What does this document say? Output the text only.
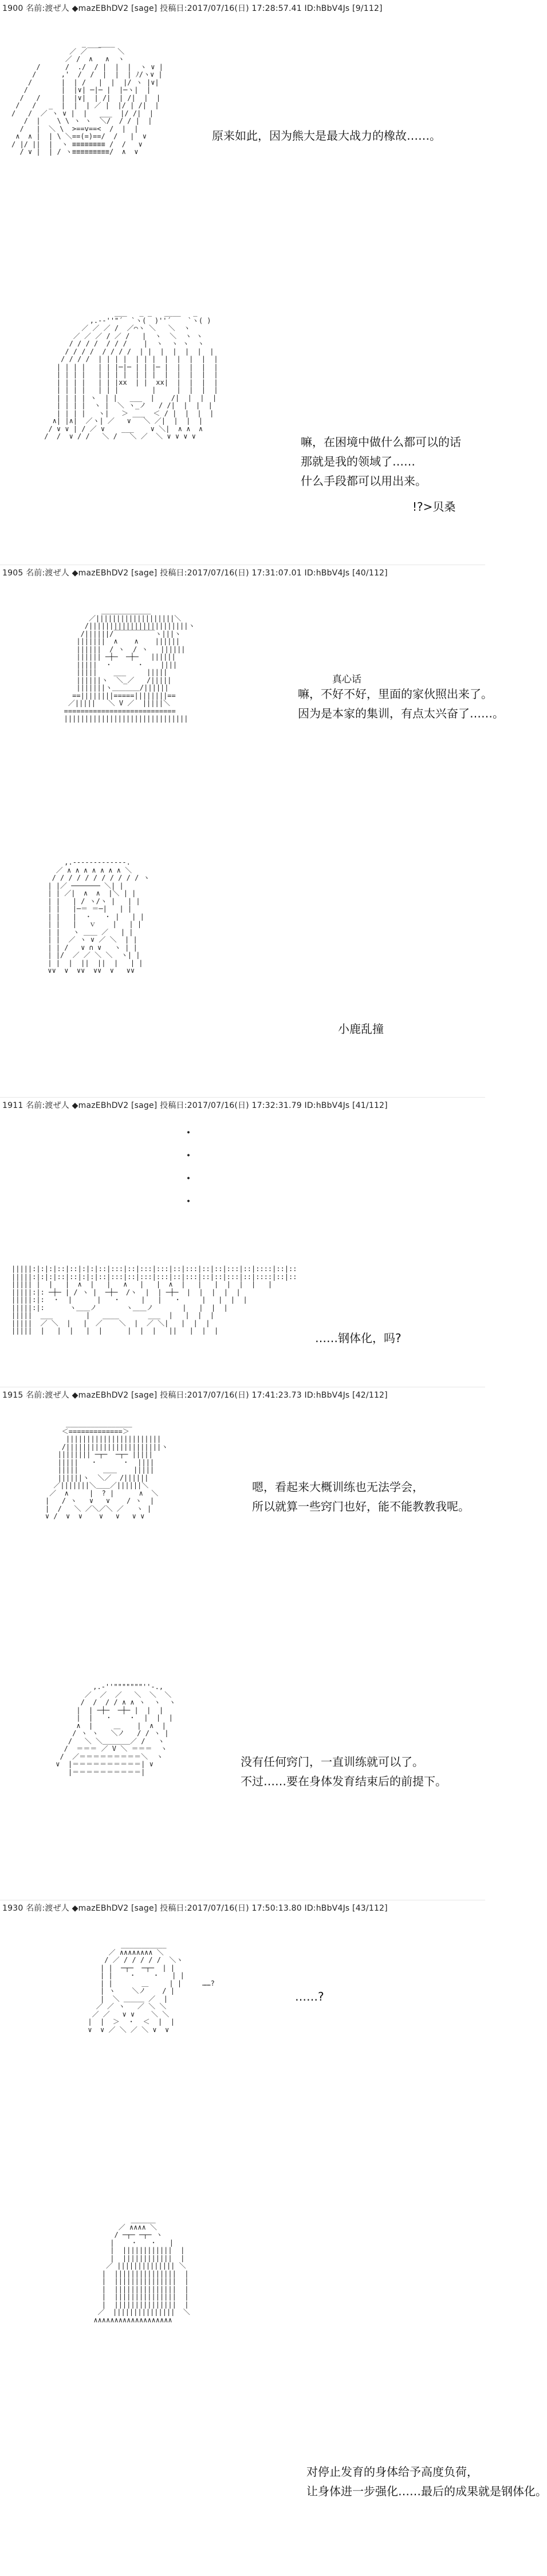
1900 名前:渡ぜ人 ◆mazEBhDV2 [sage] 投稿日:2017/07/16(日) 17:28:57.41 ID:hBbV4Js [9/112]
_   ____
／ ／￣￣    ＼
／ /  ∧   ∧  ヽ
/      /  ./  / |  |  |  ヽ ∨ |
/      ,'  /  /  |  |  | ﾉ/ヽ∨ |
/       |  | /   |  |  |/ ヽ |∨|
/        |  |∨| ─|─ |  |─ヽ|  |
/   /     |  |∨|  | /|  | /|  |  |
/   /   _  |  |  | ／ |  |/ | /|  |
/   /  ／ ヽ ∨ |  |   ___  |/ /|  |
/  |    \ \ ヽ ヽ  ＼/  / / |  |
/   |  ＼ \  >==v==<  /  |  |
∧  ∧ |  | \ ＼==(=)==/  /   |  ∨
/ |/ ||  |  ヽ ≡≡≡≡≡≡≡≡ /  /   ∨
/ ∨ |  | / ヽ≡≡≡≡≡≡≡≡≡/  ∧  ∨
原来如此，因为熊大是最大战力的橡故……。
___   _ _   ____   _
,.-‐''"´  `ヽ(  )''´    `ヽ( )
／ ／ ／ /  ／⌒ヽ ＼   ＼  ヽ
／ ／ ／ / ／ /   |  ヽ  ＼  ヽ ヽ
/ / / /  / / /    |  ヽ  ヽ ヽ  ヽ
/ / / /  / / / /  | |  |  |  |  |  |
/ / / /  | | | |  | | |  |  |  |  |  |
| | | |   | | |─|─ | | |─ |  |  |  |  |
| | | |   | | | |  | | |  |  |  |  |  |
| | | |   | | |xx  | |  xx|  |  |  |  |
| | | |   | | |        |     |  |  |  |
| | | | ヽ  | |   ___  |    /|  |  |  |
| | | |  ヽ |  ＼ ヽ_ノ   / /|  |  |  |
| | | |   ヽ|   ＞ ___  ＜ / |  |  |  |
∧| |∧|  ／ヽ| ／   ∨   ＼ ／|  |  |  |
/ ∨ ∨ | / ／ ∨    ___    ∨ ＼|  ∧ ∧  ∧
/  /  ∨ / /   ＼ /   ＼ ／  ＼ ∨ ∨ ∨ ∨	嘛，在困境中做什么都可以的话
那就是我的领域了……
什么手段都可以用出来。
!?>贝桑
1905 名前:渡ぜ人 ◆mazEBhDV2 [sage] 投稿日:2017/07/16(日) 17:31:07.01 ID:hBbV4Js [40/112]
____________
／|||||||||||||||||||＼
/||||||||||||||||||||||||ヽ
/||||||/￣￣￣￣￣￣ヽ|||ヽ
|||||||  ∧    ∧    ||||||
||||||  / ヽ  / ヽ   ||||||
|||||| ─┼─  ─┼─   ||||||
|||||  ・      ・    ||||
|||||    ___     |||||
||||||ヽ  ＼_／   /|||||
|||||||ヽ＿＿＿＿/||||||
==||||||||=====||||||||==
／|||||   ＼ V ／  |||||＼
===========================
||||||||||||||||||||||||||||||
真心话
嘛，不好不好，里面的家伙照出来了。
因为是本家的集训，有点太兴奋了……。
,.-------------.
／ ∧ ∧ ∧ ∧ ∧ ∧ ∧ ＼
/ / / / / / / / / / / ヽ
| |／ ─────── ＼| |
| | ／|  ∧  ∧  |＼ | |
| |   | / ヽ/ヽ |   | |
| |   |─＝ ＝─|   | |
| |   |  ・   ・ |   | |
| |   |   ｖ    |   | |
| |   ヽ ＿＿ ／   | |
| |  ／ ヽ ∨ ／ ＼  | |
| | /   ∨ ∩ ∨   ヽ | |
| |/  ／ ／ ＼ ＼  ヽ| |
| |  |  ||  ||  |   | |
∨∨  ∨  ∨∨  ∨∨  ∨   ∨∨
小鹿乱撞
1911 名前:渡ぜ人 ◆mazEBhDV2 [sage] 投稿日:2017/07/16(日) 17:32:31.79 ID:hBbV4Js [41/112]
・
・
・
・
|||||:|:|:|::|::|:|:|::|:::|::|:::|:::|::|:::|::|::|:::|::|::::|::|::
|||||:|:|:|::|::|:|:|::|:::|::|:::|:::|::|:::|::|::|:::|::|::::|::|::
||||| |  |   |  ∧  |   |   ∧   |   |  ∧  |   |   |  |  |  |   |
|||||:|: ─┼─ | / ヽ |  ─┼─  /ヽ  |  | ─┼─  |  |  |  |  |
|||||:|:  ・  |      |   ・     |   |   ・     |   |  |  |
|||||:|:      ヽ＿＿ノ       ヽ＿＿ノ       |   |  |  |
|||||  ___        |   ____       ___  |   |  |  |
|||||  ／ ＼  |   |  ／    ＼  |  ／ ＼|   |  |  |
|||||  |   |  |   |  |      |  |  |   ||   |  |  |
……钢体化，吗?
1915 名前:渡ぜ人 ◆mazEBhDV2 [sage] 投稿日:2017/07/16(日) 17:41:23.73 ID:hBbV4Js [42/112]
________________
＜=============＞
|||||||||||||||||||||||
/|||||||||||||||||||||||ヽ
|||||||| ─┬─  ─┬─ |||||
|||||   ・      ・  ||||
|||||      ＿＿    |||||
||||||ヽ  ＼／  /||||||
／|||||||＼＿＿／||||||＼
／  ∧     |  ? |      ∧  ＼
|   / ヽ   ∨   ∨    / ヽ  |
|  /   ＼ ／＼／＼ ／   ヽ |
∨ /  ∨  ∨    ∨   ∨   ∨ ∨
嗯，看起来大概训练也无法学会，
所以就算一些窍门也好，能不能教教我呢。
,.-''"""""""''-.,
／  ／  ／   ＼  ＼  ＼
/  /  / / ∧ ∧ ヽ  ヽ  ヽ
|  | ─┼─  ─┼─ |  |  |
|  |   ・    ・  |  |  |
∧  |     ＿    |  ∧  |
/ ヽ ヽ   ＼ノ   / / ヽ |
/   ＼ ＼＿＿＿＿／ /   ヽ
/  ＝＝＝ ／ V ＼ ＝＝＝  ヽ
/  ／＝＝＝＝＝＝＝＝＝＼  ヽ
∨  |＝＝＝＝＝＝＝＝＝＝| ∨
|＝＝＝＝＝＝＝＝＝＝|
没有任何窍门，一直训练就可以了。
不过……要在身体发育结束后的前提下。
1930 名前:渡ぜ人 ◆mazEBhDV2 [sage] 投稿日:2017/07/16(日) 17:50:13.80 ID:hBbV4Js [43/112]
___________
／ ∧∧∧∧∧∧∧∧ ＼
/ ／ / / / / /  ＼ヽ
| |  ─┬─  ─┬─  | |
| |    ・    ・   | |
| |       ＿     | |     ……?
| ヽ    ＼ノ    / |
|  ＼ ＿＿＿ ／  |
／ ／ ヽ   ／ ＼ ＼
／ ／   ∨ ∨    ＼ ＼
|  |  ＞  ・  ＜  |  |
∨  ∨ ／ ＼ ／ ＼ ∨  ∨
……?
______
／ ∧∧∧∧ ＼
/ ─┬─ ─┬─ ヽ
|    ・   ・   |
|  ||||||||||||  |
|  ||||||||||||  |
／ |||||||||||||| ＼
|  |||||||||||||||  |
|  |||||||||||||||  |
|  |||||||||||||||  |
|  |||||||||||||||  |
|  |||||||||||||||  |
／  |||||||||||||||  ＼
∧∧∧∧∧∧∧∧∧∧∧∧∧∧∧∧∧∧∧
对停止发育的身体给予高度负荷，
让身体进一步强化……最后的成果就是钢体化。
